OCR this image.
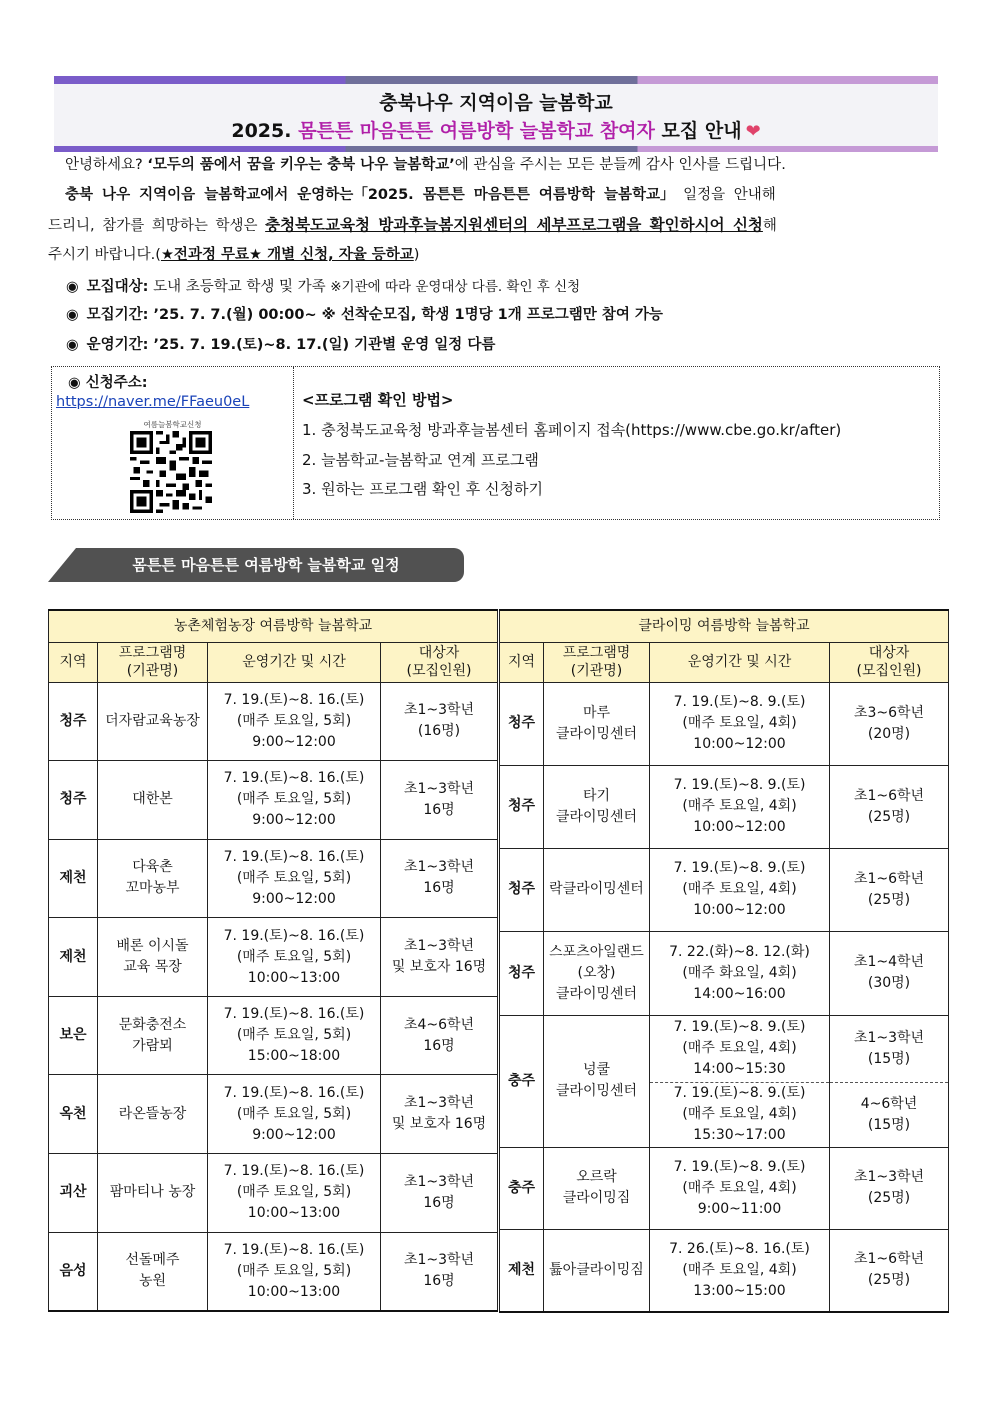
충북나우 지역이음 늘봄학교
2025. 몸튼튼 마음튼튼 여름방학 늘봄학교 참여자 모집 안내 ❤
안녕하세요? ‘모두의 품에서 꿈을 키우는 충북 나우 늘봄학교’에 관심을 주시는 모든 분들께 감사 인사를 드립니다.
충북 나우 지역이음 늘봄학교에서 운영하는「2025. 몸튼튼 마음튼튼 여름방학 늘봄학교」 일정을 안내해
드리니, 참가를 희망하는 학생은 충청북도교육청 방과후늘봄지원센터의 세부프로그램을 확인하시어 신청해
주시기 바랍니다.(★전과정 무료★ 개별 신청, 자율 등하교)
◉ 모집대상: 도내 초등학교 학생 및 가족 ※기관에 따라 운영대상 다름. 확인 후 신청
◉ 모집기간: ’25. 7. 7.(월) 00:00~ ※ 선착순모집, 학생 1명당 1개 프로그램만 참여 가능
◉ 운영기간: ’25. 7. 19.(토)~8. 17.(일) 기관별 운영 일정 다름
◉ 신청주소:
https://naver.me/FFaeu0eL
여름늘봄학교신청
<프로그램 확인 방법>
1. 충청북도교육청 방과후늘봄센터 홈페이지 접속(https://www.cbe.go.kr/after)
2. 늘봄학교-늘봄학교 연계 프로그램
3. 원하는 프로그램 확인 후 신청하기
몸튼튼 마음튼튼 여름방학 늘봄학교 일정
농촌체험농장 여름방학 늘봄학교			
지역	프로그램명
(기관명)	운영기간 및 시간	대상자
(모집인원)
청주	더자람교육농장	7. 19.(토)~8. 16.(토)
(매주 토요일, 5회)
9:00~12:00	초1~3학년
(16명)
청주	대한본	7. 19.(토)~8. 16.(토)
(매주 토요일, 5회)
9:00~12:00	초1~3학년
16명
제천	다육촌
꼬마농부	7. 19.(토)~8. 16.(토)
(매주 토요일, 5회)
9:00~12:00	초1~3학년
16명
제천	배론 이시돌
교육 목장	7. 19.(토)~8. 16.(토)
(매주 토요일, 5회)
10:00~13:00	초1~3학년
및 보호자 16명
보은	문화충전소
가람뫼	7. 19.(토)~8. 16.(토)
(매주 토요일, 5회)
15:00~18:00	초4~6학년
16명
옥천	라온뜰농장	7. 19.(토)~8. 16.(토)
(매주 토요일, 5회)
9:00~12:00	초1~3학년
및 보호자 16명
괴산	팜마티나 농장	7. 19.(토)~8. 16.(토)
(매주 토요일, 5회)
10:00~13:00	초1~3학년
16명
음성	선돌메주
농원	7. 19.(토)~8. 16.(토)
(매주 토요일, 5회)
10:00~13:00	초1~3학년
16명
클라이밍 여름방학 늘봄학교			
지역	프로그램명
(기관명)	운영기간 및 시간	대상자
(모집인원)
청주	마루
클라이밍센터	7. 19.(토)~8. 9.(토)
(매주 토요일, 4회)
10:00~12:00	초3~6학년
(20명)
청주	타기
클라이밍센터	7. 19.(토)~8. 9.(토)
(매주 토요일, 4회)
10:00~12:00	초1~6학년
(25명)
청주	락클라이밍센터	7. 19.(토)~8. 9.(토)
(매주 토요일, 4회)
10:00~12:00	초1~6학년
(25명)
청주	스포츠아일랜드
(오창)
클라이밍센터	7. 22.(화)~8. 12.(화)
(매주 화요일, 4회)
14:00~16:00	초1~4학년
(30명)
충주	넝쿨
클라이밍센터	7. 19.(토)~8. 9.(토)
(매주 토요일, 4회)
14:00~15:30	초1~3학년
(15명)
		7. 19.(토)~8. 9.(토)
(매주 토요일, 4회)
15:30~17:00	4~6학년
(15명)
충주	오르락
클라이밍짐	7. 19.(토)~8. 9.(토)
(매주 토요일, 4회)
9:00~11:00	초1~3학년
(25명)
제천	튪아클라이밍짐	7. 26.(토)~8. 16.(토)
(매주 토요일, 4회)
13:00~15:00	초1~6학년
(25명)
